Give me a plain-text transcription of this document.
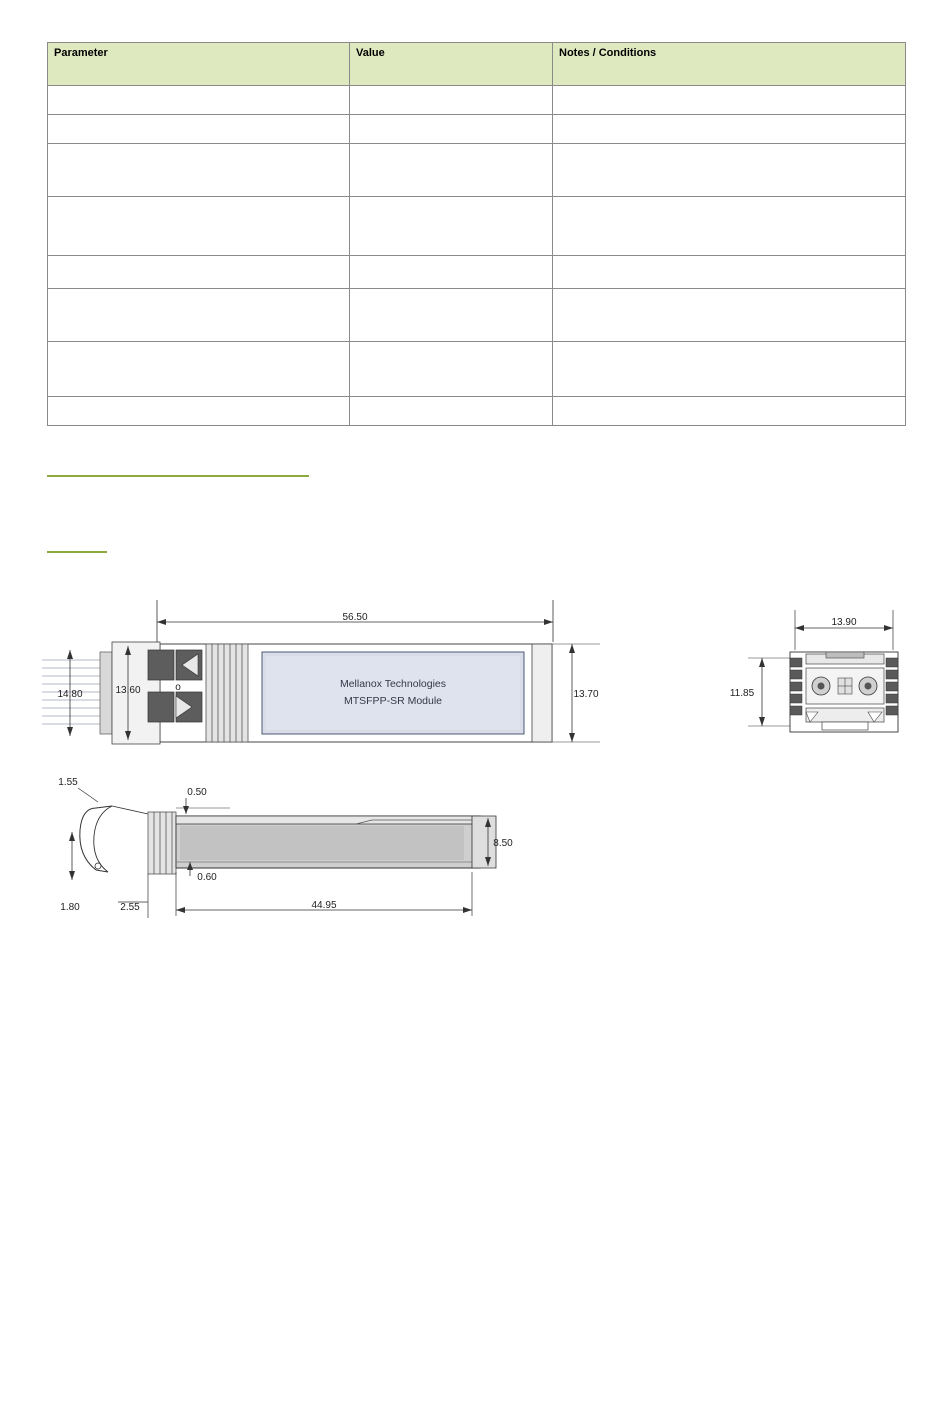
Parameter	Value	Notes / Conditions

56.50
o	Mellanox Technologies
MTSFPP-SR Module
13.70
14.80	13.60
13.90
11.85
1.55
0.50
0.60
8.50
44.95
1.80	2.55
